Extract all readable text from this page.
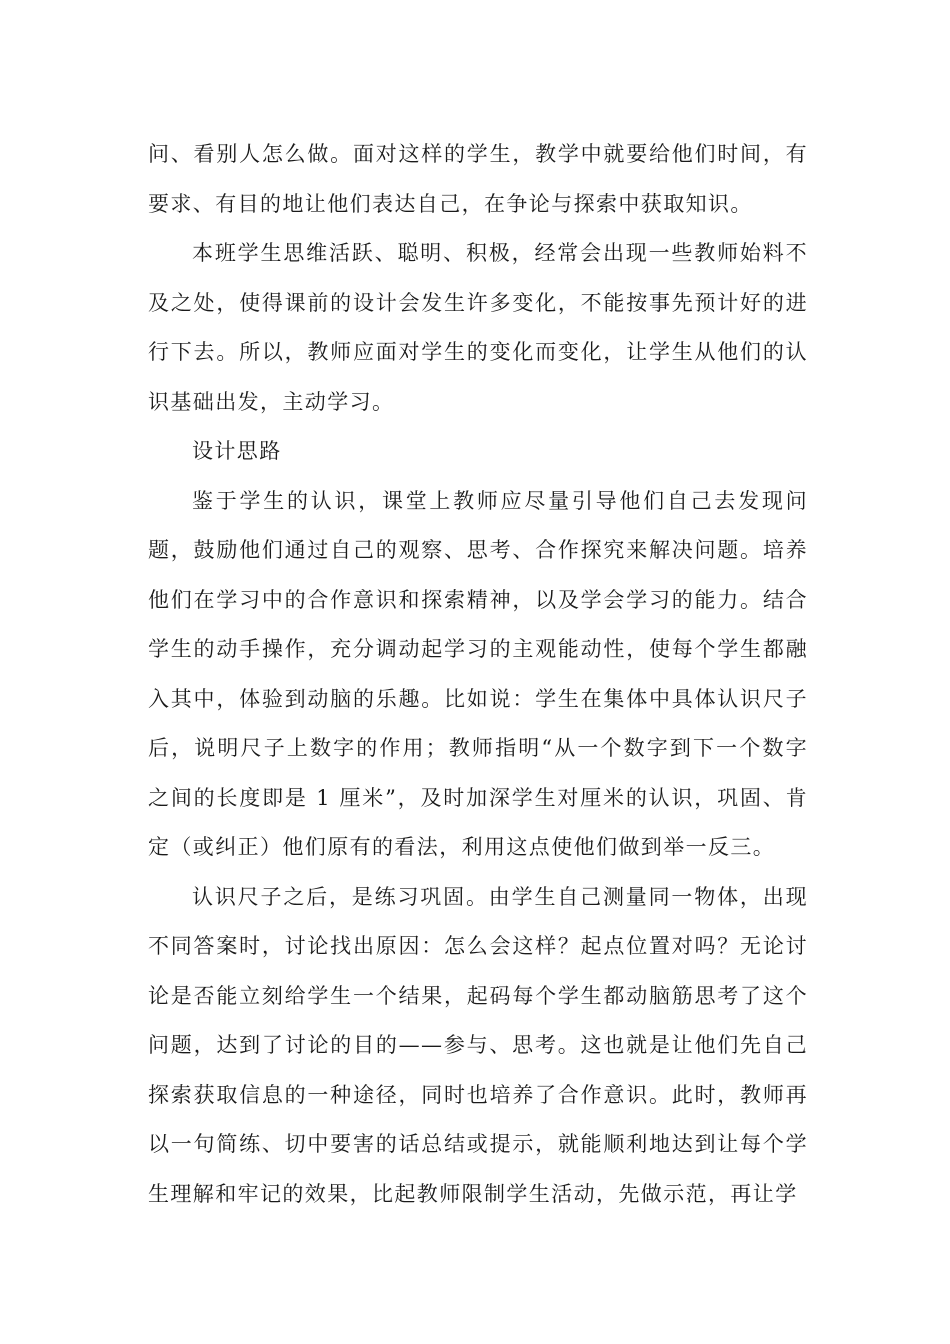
问、看别人怎么做。面对这样的学生，教学中就要给他们时间，有要求、有目的地让他们表达自己，在争论与探索中获取知识。

本班学生思维活跃、聪明、积极，经常会出现一些教师始料不及之处，使得课前的设计会发生许多变化，不能按事先预计好的进行下去。所以，教师应面对学生的变化而变化，让学生从他们的认识基础出发，主动学习。

设计思路

鉴于学生的认识，课堂上教师应尽量引导他们自己去发现问题，鼓励他们通过自己的观察、思考、合作探究来解决问题。培养他们在学习中的合作意识和探索精神，以及学会学习的能力。结合学生的动手操作，充分调动起学习的主观能动性，使每个学生都融入其中，体验到动脑的乐趣。比如说：学生在集体中具体认识尺子后，说明尺子上数字的作用；教师指明“从一个数字到下一个数字之间的长度即是 1 厘米”，及时加深学生对厘米的认识，巩固、肯定（或纠正）他们原有的看法，利用这点使他们做到举一反三。

认识尺子之后，是练习巩固。由学生自己测量同一物体，出现不同答案时，讨论找出原因：怎么会这样？起点位置对吗？无论讨论是否能立刻给学生一个结果，起码每个学生都动脑筋思考了这个问题，达到了讨论的目的——参与、思考。这也就是让他们先自己探索获取信息的一种途径，同时也培养了合作意识。此时，教师再以一句简练、切中要害的话总结或提示，就能顺利地达到让每个学生理解和牢记的效果，比起教师限制学生活动，先做示范，再让学
